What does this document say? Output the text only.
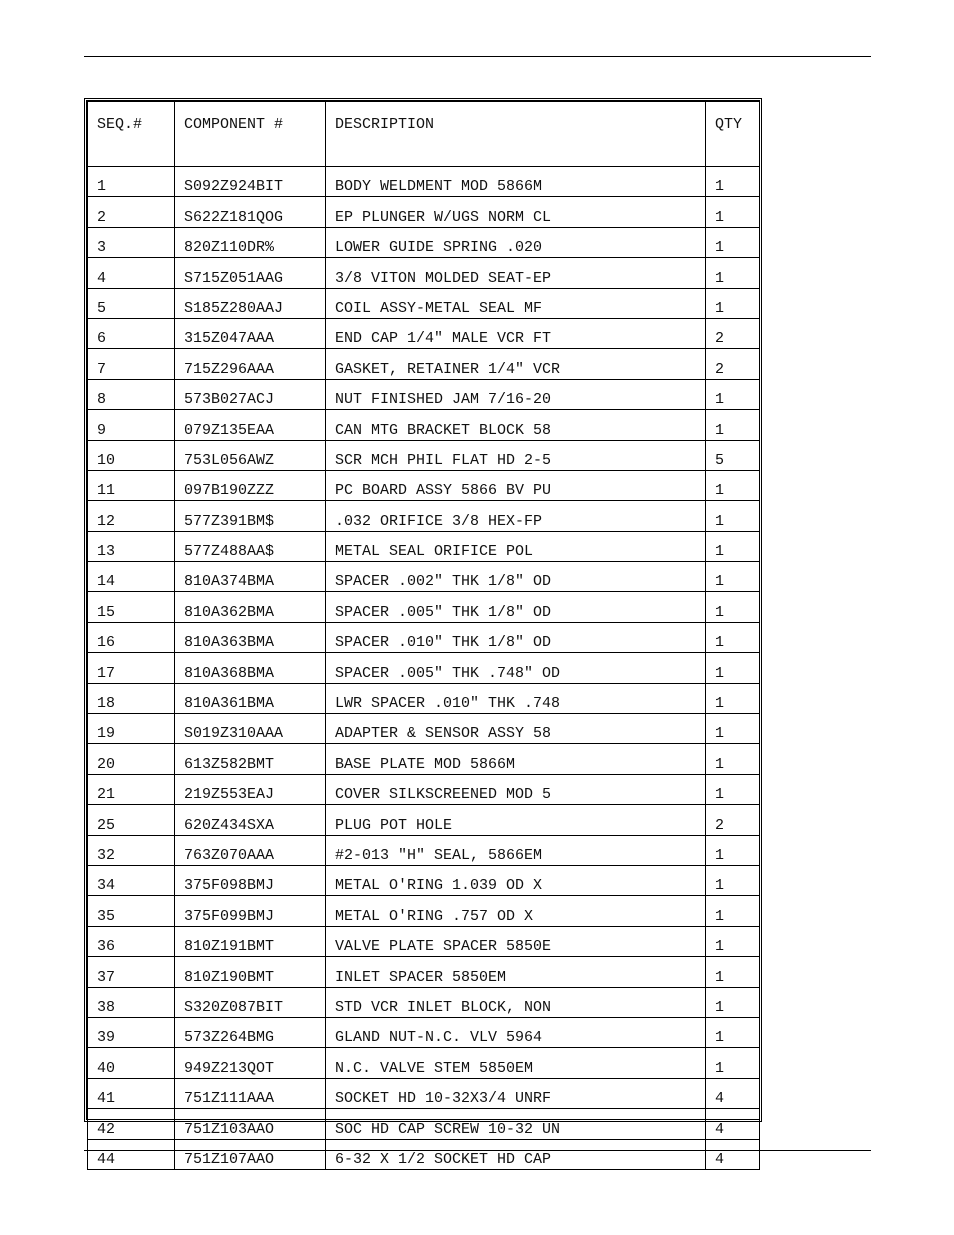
SEQ.#	COMPONENT #	DESCRIPTION	QTY
1	S092Z924BIT	BODY WELDMENT MOD 5866M	1
2	S622Z181QOG	EP PLUNGER W/UGS NORM CL	1
3	820Z110DR%	LOWER GUIDE SPRING .020	1
4	S715Z051AAG	3/8 VITON MOLDED SEAT-EP	1
5	S185Z280AAJ	COIL ASSY-METAL SEAL MF	1
6	315Z047AAA	END CAP 1/4" MALE VCR FT	2
7	715Z296AAA	GASKET, RETAINER 1/4" VCR	2
8	573B027ACJ	NUT FINISHED JAM 7/16-20	1
9	079Z135EAA	CAN MTG BRACKET BLOCK 58	1
10	753L056AWZ	SCR MCH PHIL FLAT HD 2-5	5
11	097B190ZZZ	PC BOARD ASSY 5866 BV PU	1
12	577Z391BM$	.032 ORIFICE 3/8 HEX-FP	1
13	577Z488AA$	METAL SEAL ORIFICE POL	1
14	810A374BMA	SPACER .002" THK 1/8" OD	1
15	810A362BMA	SPACER .005" THK 1/8" OD	1
16	810A363BMA	SPACER .010" THK 1/8" OD	1
17	810A368BMA	SPACER .005" THK .748" OD	1
18	810A361BMA	LWR SPACER .010" THK .748	1
19	S019Z310AAA	ADAPTER & SENSOR ASSY 58	1
20	613Z582BMT	BASE PLATE MOD 5866M	1
21	219Z553EAJ	COVER SILKSCREENED MOD 5	1
25	620Z434SXA	PLUG POT HOLE	2
32	763Z070AAA	#2-013 "H" SEAL, 5866EM	1
34	375F098BMJ	METAL O'RING 1.039 OD X	1
35	375F099BMJ	METAL O'RING .757 OD X	1
36	810Z191BMT	VALVE PLATE SPACER 5850E	1
37	810Z190BMT	INLET SPACER 5850EM	1
38	S320Z087BIT	STD VCR INLET BLOCK, NON	1
39	573Z264BMG	GLAND NUT-N.C. VLV 5964	1
40	949Z213QOT	N.C. VALVE STEM 5850EM	1
41	751Z111AAA	SOCKET HD 10-32X3/4 UNRF	4
42	751Z103AAO	SOC HD CAP SCREW 10-32 UN	4
44	751Z107AAO	6-32 X 1/2 SOCKET HD CAP	4
